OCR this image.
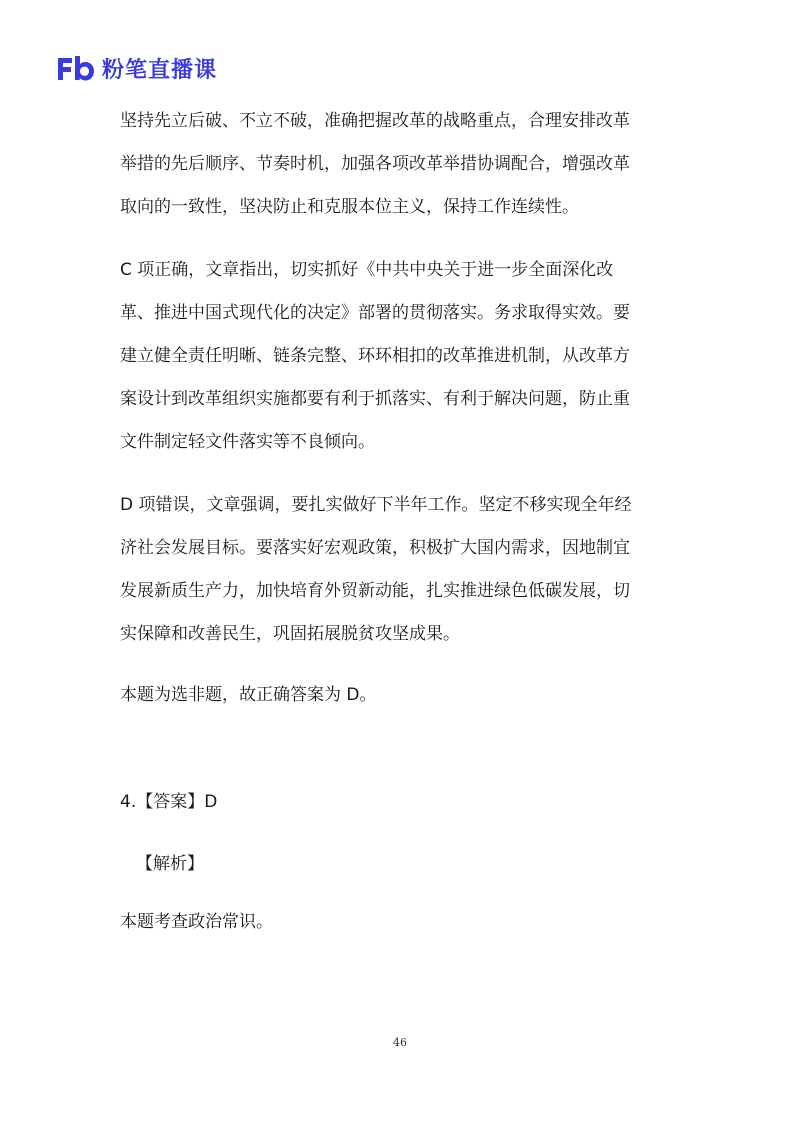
粉笔直播课

坚持先立后破、不立不破，准确把握改革的战略重点，合理安排改革
举措的先后顺序、节奏时机，加强各项改革举措协调配合，增强改革
取向的一致性，坚决防止和克服本位主义，保持工作连续性。

C 项正确，文章指出，切实抓好《中共中央关于进一步全面深化改
革、推进中国式现代化的决定》部署的贯彻落实。务求取得实效。要
建立健全责任明晰、链条完整、环环相扣的改革推进机制，从改革方
案设计到改革组织实施都要有利于抓落实、有利于解决问题，防止重
文件制定轻文件落实等不良倾向。

D 项错误，文章强调，要扎实做好下半年工作。坚定不移实现全年经
济社会发展目标。要落实好宏观政策，积极扩大国内需求，因地制宜
发展新质生产力，加快培育外贸新动能，扎实推进绿色低碳发展，切
实保障和改善民生，巩固拓展脱贫攻坚成果。

本题为选非题，故正确答案为 D。

4.【答案】D
【解析】
本题考查政治常识。
46
